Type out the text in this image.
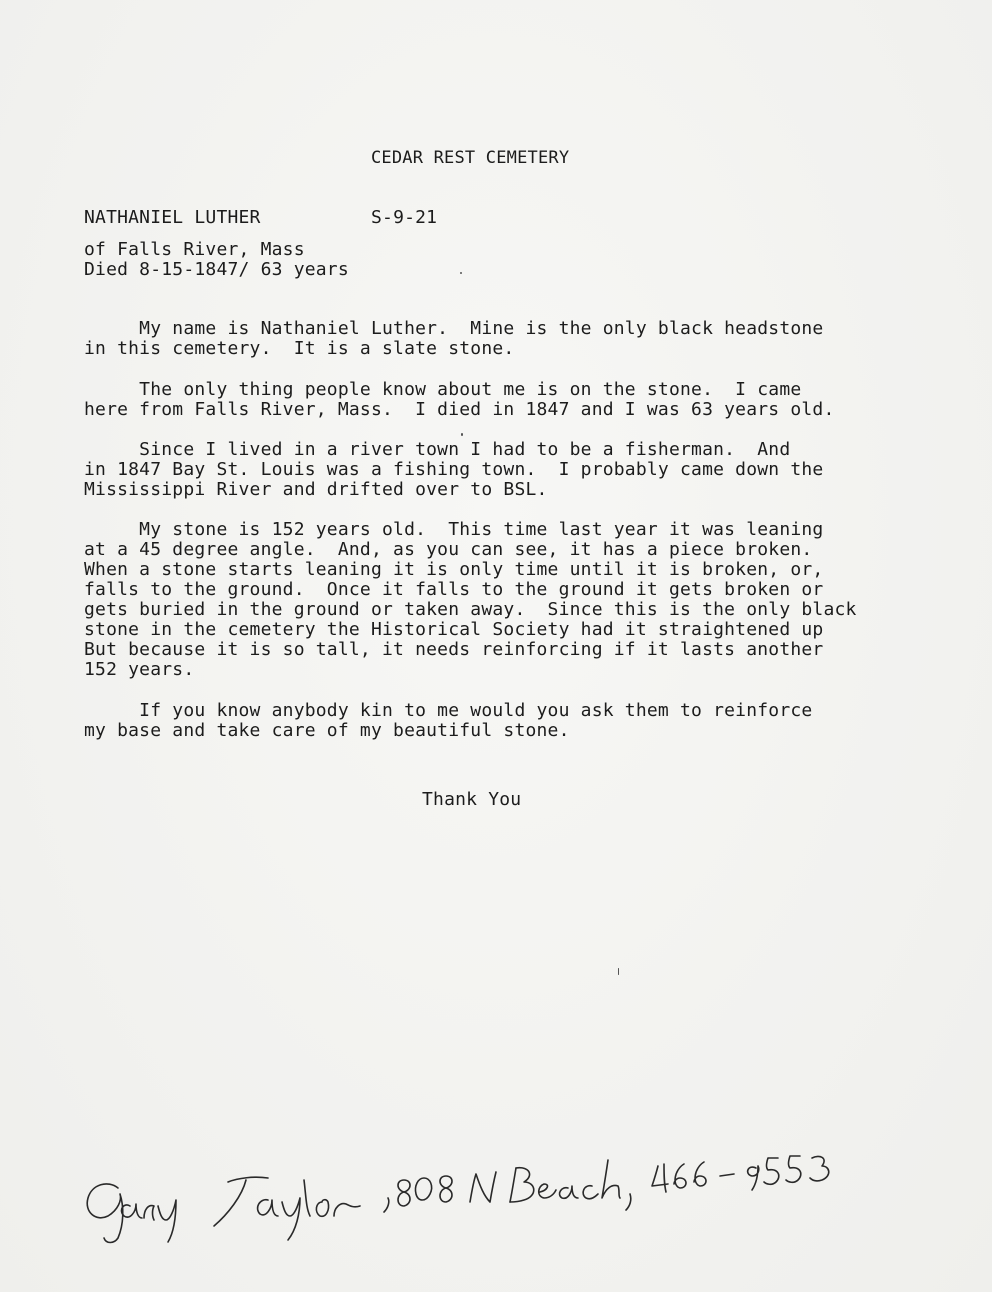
CEDAR REST CEMETERY

NATHANIEL LUTHER	S-9-21

of Falls River, Mass

Died 8-15-1847/ 63 years

My name is Nathaniel Luther.  Mine is the only black headstone
in this cemetery.  It is a slate stone.
The only thing people know about me is on the stone.  I came
here from Falls River, Mass.  I died in 1847 and I was 63 years old.
Since I lived in a river town I had to be a fisherman.  And
in 1847 Bay St. Louis was a fishing town.  I probably came down the
Mississippi River and drifted over to BSL.
My stone is 152 years old.  This time last year it was leaning
at a 45 degree angle.  And, as you can see, it has a piece broken.
When a stone starts leaning it is only time until it is broken, or,
falls to the ground.  Once it falls to the ground it gets broken or
gets buried in the ground or taken away.  Since this is the only black
stone in the cemetery the Historical Society had it straightened up
But because it is so tall, it needs reinforcing if it lasts another
152 years.
If you know anybody kin to me would you ask them to reinforce
my base and take care of my beautiful stone.

Thank You
